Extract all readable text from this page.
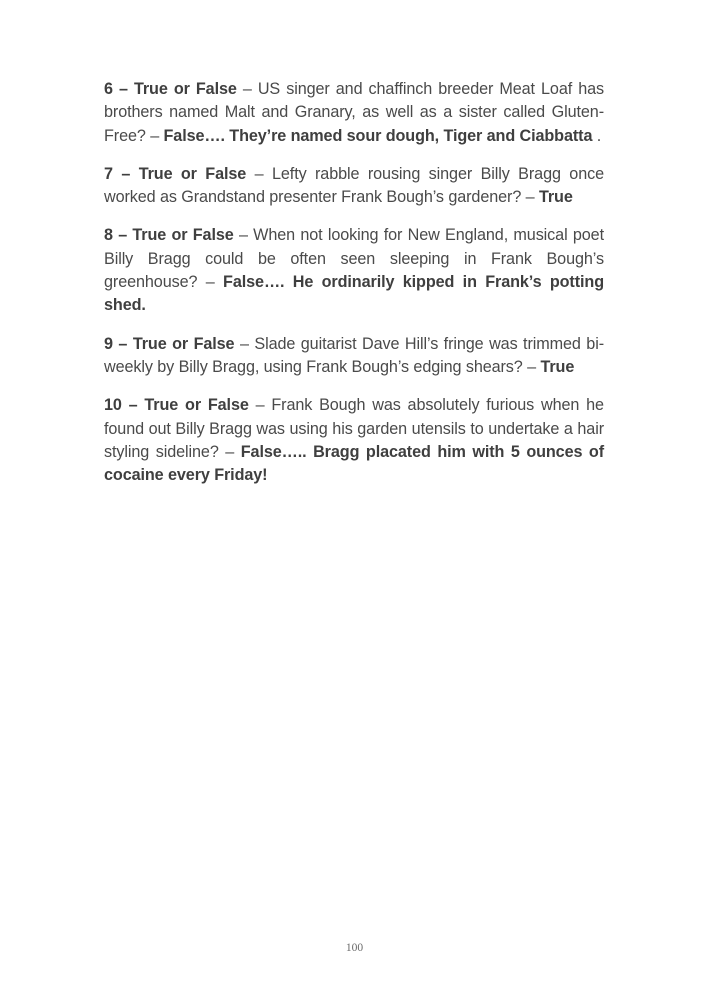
6 – True or False – US singer and chaffinch breeder Meat Loaf has brothers named Malt and Granary, as well as a sister called Gluten-Free? – False…. They’re named sour dough, Tiger and Ciabbatta .

7 – True or False – Lefty rabble rousing singer Billy Bragg once worked as Grandstand presenter Frank Bough’s gardener? – True

8 – True or False – When not looking for New England, musical poet Billy Bragg could be often seen sleeping in Frank Bough’s greenhouse? – False…. He ordinarily kipped in Frank’s potting shed.

9 – True or False – Slade guitarist Dave Hill’s fringe was trimmed bi-weekly by Billy Bragg, using Frank Bough’s edging shears? – True

10 – True or False – Frank Bough was absolutely furious when he found out Billy Bragg was using his garden utensils to undertake a hair styling sideline? – False….. Bragg placated him with 5 ounces of cocaine every Friday!

100
